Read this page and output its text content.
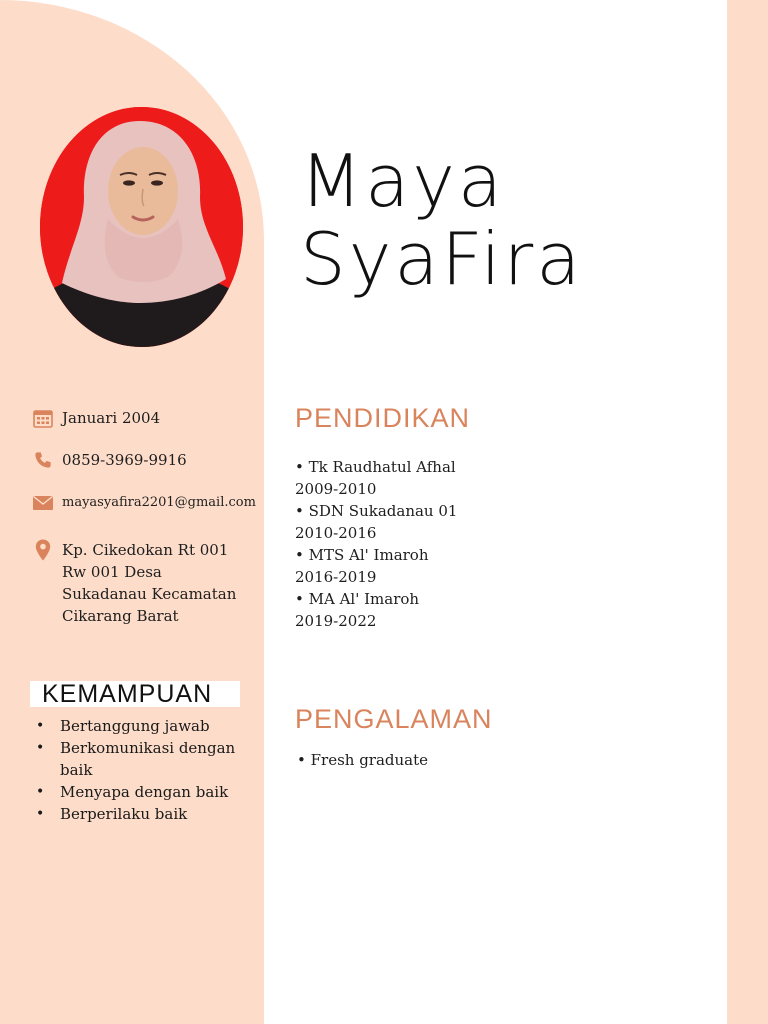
Maya
SyaFira
Januari 2004
0859-3969-9916
mayasyafira2201@gmail.com
Kp. Cikedokan Rt 001 Rw 001 Desa Sukadanau Kecamatan Cikarang Barat
KEMAMPUAN
•	Bertanggung jawab
•	Berkomunikasi dengan baik
•	Menyapa dengan baik
•	Berperilaku baik
PENDIDIKAN
• Tk Raudhatul Afhal
2009-2010
• SDN Sukadanau 01
2010-2016
• MTS Al' Imaroh
2016-2019
• MA Al' Imaroh
2019-2022
PENGALAMAN
• Fresh graduate
